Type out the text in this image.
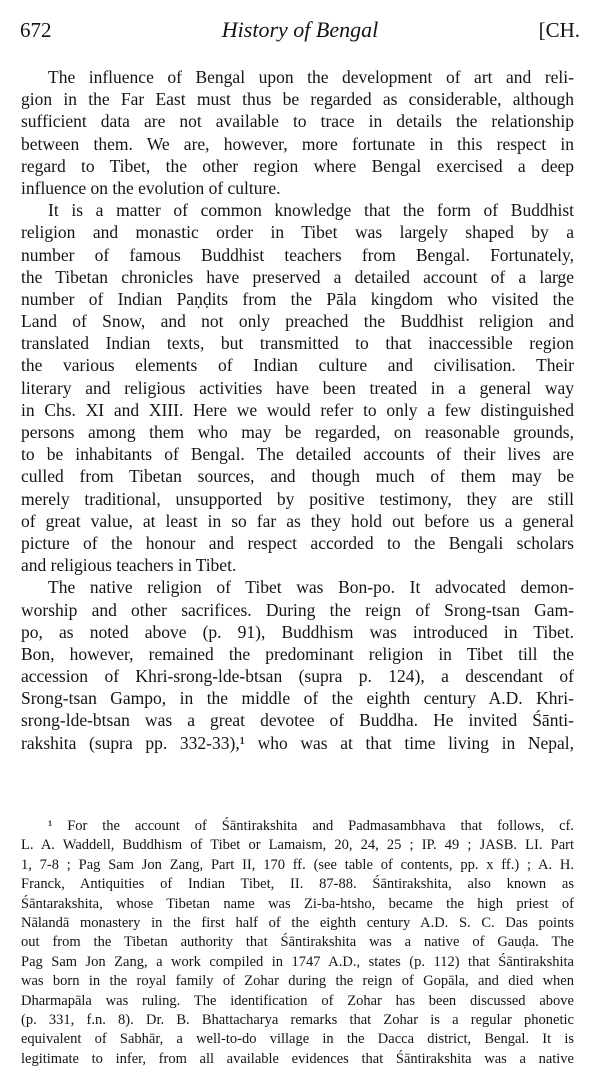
672	History of Bengal	[CH.
The influence of Bengal upon the development of art and reli-
gion in the Far East must thus be regarded as considerable, although
sufficient data are not available to trace in details the relationship
between them. We are, however, more fortunate in this respect in
regard to Tibet, the other region where Bengal exercised a deep
influence on the evolution of culture.
It is a matter of common knowledge that the form of Buddhist
religion and monastic order in Tibet was largely shaped by a
number of famous Buddhist teachers from Bengal. Fortunately,
the Tibetan chronicles have preserved a detailed account of a large
number of Indian Paṇḍits from the Pāla kingdom who visited the
Land of Snow, and not only preached the Buddhist religion and
translated Indian texts, but transmitted to that inaccessible region
the various elements of Indian culture and civilisation. Their
literary and religious activities have been treated in a general way
in Chs. XI and XIII. Here we would refer to only a few distinguished
persons among them who may be regarded, on reasonable grounds,
to be inhabitants of Bengal. The detailed accounts of their lives are
culled from Tibetan sources, and though much of them may be
merely traditional, unsupported by positive testimony, they are still
of great value, at least in so far as they hold out before us a general
picture of the honour and respect accorded to the Bengali scholars
and religious teachers in Tibet.
The native religion of Tibet was Bon-po. It advocated demon-
worship and other sacrifices. During the reign of Srong-tsan Gam-
po, as noted above (p. 91), Buddhism was introduced in Tibet.
Bon, however, remained the predominant religion in Tibet till the
accession of Khri-srong-lde-btsan (supra p. 124), a descendant of
Srong-tsan Gampo, in the middle of the eighth century A.D. Khri-
srong-lde-btsan was a great devotee of Buddha. He invited Śānti-
rakshita (supra pp. 332-33),¹ who was at that time living in Nepal,
¹ For the account of Śāntirakshita and Padmasambhava that follows, cf.
L. A. Waddell, Buddhism of Tibet or Lamaism, 20, 24, 25 ; IP. 49 ; JASB. LI. Part
1, 7-8 ; Pag Sam Jon Zang, Part II, 170 ff. (see table of contents, pp. x ff.) ; A. H.
Franck, Antiquities of Indian Tibet, II. 87-88. Śāntirakshita, also known as
Śāntarakshita, whose Tibetan name was Zi-ba-htsho, became the high priest of
Nālandā monastery in the first half of the eighth century A.D. S. C. Das points
out from the Tibetan authority that Śāntirakshita was a native of Gauḍa. The
Pag Sam Jon Zang, a work compiled in 1747 A.D., states (p. 112) that Śāntirakshita
was born in the royal family of Zohar during the reign of Gopāla, and died when
Dharmapāla was ruling. The identification of Zohar has been discussed above
(p. 331, f.n. 8). Dr. B. Bhattacharya remarks that Zohar is a regular phonetic
equivalent of Sabhār, a well-to-do village in the Dacca district, Bengal. It is
legitimate to infer, from all available evidences that Śāntirakshita was a native
